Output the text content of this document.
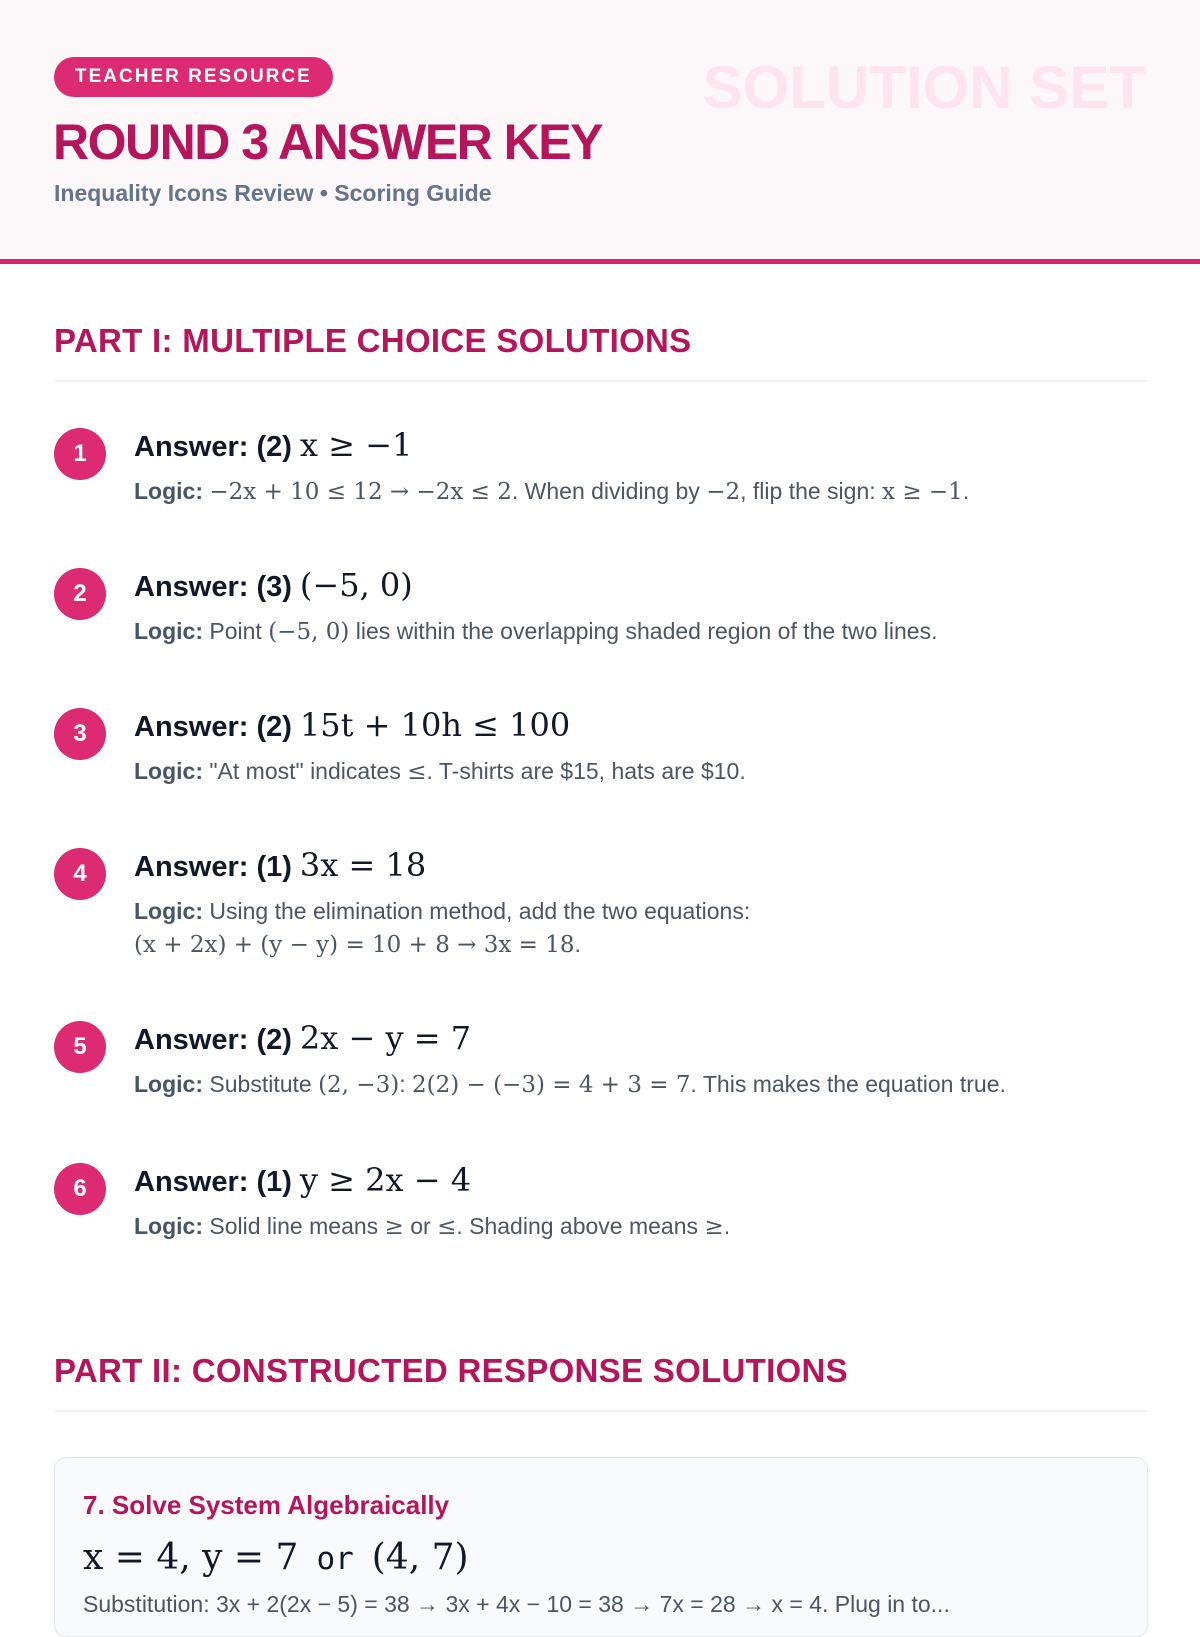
TEACHER RESOURCE	SOLUTION SET
ROUND 3 ANSWER KEY

Inequality Icons Review • Scoring Guide

PART I: MULTIPLE CHOICE SOLUTIONS
1	Answer: (2) x ≥ −1
Logic: −2x + 10 ≤ 12 → −2x ≤ 2. When dividing by −2, flip the sign: x ≥ −1.
2	Answer: (3) (−5, 0)
Logic: Point (−5, 0) lies within the overlapping shaded region of the two lines.
3	Answer: (2) 15t + 10h ≤ 100
Logic: "At most" indicates ≤. T-shirts are $15, hats are $10.
4	Answer: (1) 3x = 18
Logic: Using the elimination method, add the two equations:
(x + 2x) + (y − y) = 10 + 8 → 3x = 18.
5	Answer: (2) 2x − y = 7
Logic: Substitute (2, −3): 2(2) − (−3) = 4 + 3 = 7. This makes the equation true.
6	Answer: (1) y ≥ 2x − 4
Logic: Solid line means ≥ or ≤. Shading above means ≥.
PART II: CONSTRUCTED RESPONSE SOLUTIONS
7. Solve System Algebraically
x = 4, y = 7 or (4, 7)
Substitution: 3x + 2(2x − 5) = 38 → 3x + 4x − 10 = 38 → 7x = 28 → x = 4. Plug in to...
